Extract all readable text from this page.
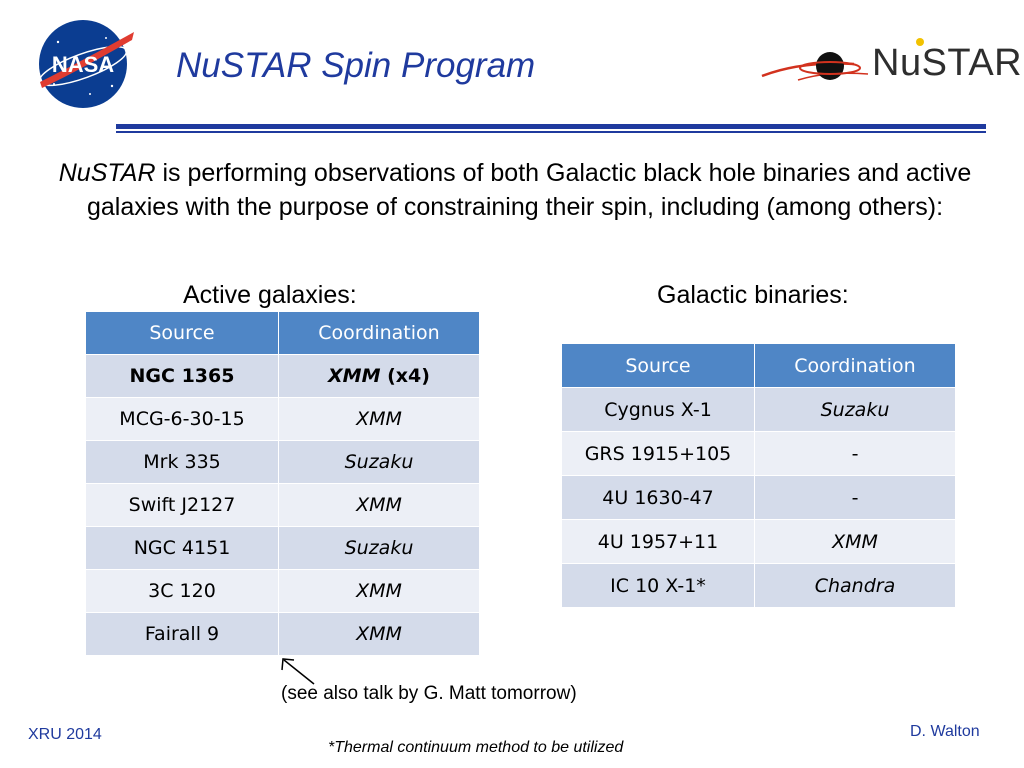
NASA NuSTAR Spin Program	NuSTAR
NuSTAR is performing observations of both Galactic black hole binaries and active galaxies with the purpose of constraining their spin, including (among others):
Active galaxies:	Galactic binaries:
Source	Coordination
NGC 1365	XMM (x4)
MCG-6-30-15	XMM
Mrk 335	Suzaku
Swift J2127	XMM
NGC 4151	Suzaku
3C 120	XMM
Fairall 9	XMM
Source	Coordination
Cygnus X-1	Suzaku
GRS 1915+105	-
4U 1630-47	-
4U 1957+11	XMM
IC 10 X-1*	Chandra
(see also talk by G. Matt tomorrow)
XRU 2014	D. Walton
*Thermal continuum method to be utilized
